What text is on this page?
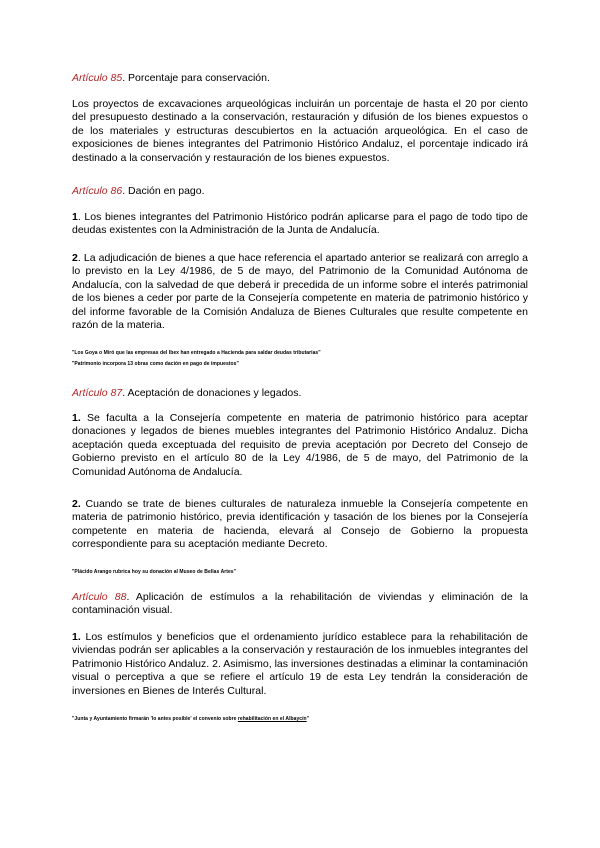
Artículo 85. Porcentaje para conservación.
Los proyectos de excavaciones arqueológicas incluirán un porcentaje de hasta el 20 por ciento del presupuesto destinado a la conservación, restauración y difusión de los bienes expuestos o de los materiales y estructuras descubiertos en la actuación arqueológica. En el caso de exposiciones de bienes integrantes del Patrimonio Histórico Andaluz, el porcentaje indicado irá destinado a la conservación y restauración de los bienes expuestos.
Artículo 86. Dación en pago.
1. Los bienes integrantes del Patrimonio Histórico podrán aplicarse para el pago de todo tipo de deudas existentes con la Administración de la Junta de Andalucía.
2. La adjudicación de bienes a que hace referencia el apartado anterior se realizará con arreglo a lo previsto en la Ley 4/1986, de 5 de mayo, del Patrimonio de la Comunidad Autónoma de Andalucía, con la salvedad de que deberá ir precedida de un informe sobre el interés patrimonial de los bienes a ceder por parte de la Consejería competente en materia de patrimonio histórico y del informe favorable de la Comisión Andaluza de Bienes Culturales que resulte competente en razón de la materia.
"Los Goya o Miró que las empresas del Ibex han entregado a Hacienda para saldar deudas tributarias"
"Patrimonio incorpora 13 obras como dación en pago de impuestos"
Artículo 87. Aceptación de donaciones y legados.
1. Se faculta a la Consejería competente en materia de patrimonio histórico para aceptar donaciones y legados de bienes muebles integrantes del Patrimonio Histórico Andaluz. Dicha aceptación queda exceptuada del requisito de previa aceptación por Decreto del Consejo de Gobierno previsto en el artículo 80 de la Ley 4/1986, de 5 de mayo, del Patrimonio de la Comunidad Autónoma de Andalucía.
2. Cuando se trate de bienes culturales de naturaleza inmueble la Consejería competente en materia de patrimonio histórico, previa identificación y tasación de los bienes por la Consejería competente en materia de hacienda, elevará al Consejo de Gobierno la propuesta correspondiente para su aceptación mediante Decreto.
"Plácido Arango rubrica hoy su donación al Museo de Bellas Artes"
Artículo 88. Aplicación de estímulos a la rehabilitación de viviendas y eliminación de la contaminación visual.
1. Los estímulos y beneficios que el ordenamiento jurídico establece para la rehabilitación de viviendas podrán ser aplicables a la conservación y restauración de los inmuebles integrantes del Patrimonio Histórico Andaluz. 2. Asimismo, las inversiones destinadas a eliminar la contaminación visual o perceptiva a que se refiere el artículo 19 de esta Ley tendrán la consideración de inversiones en Bienes de Interés Cultural.
"Junta y Ayuntamiento firmarán 'lo antes posible' el convenio sobre rehabilitación en el Albaycín"
